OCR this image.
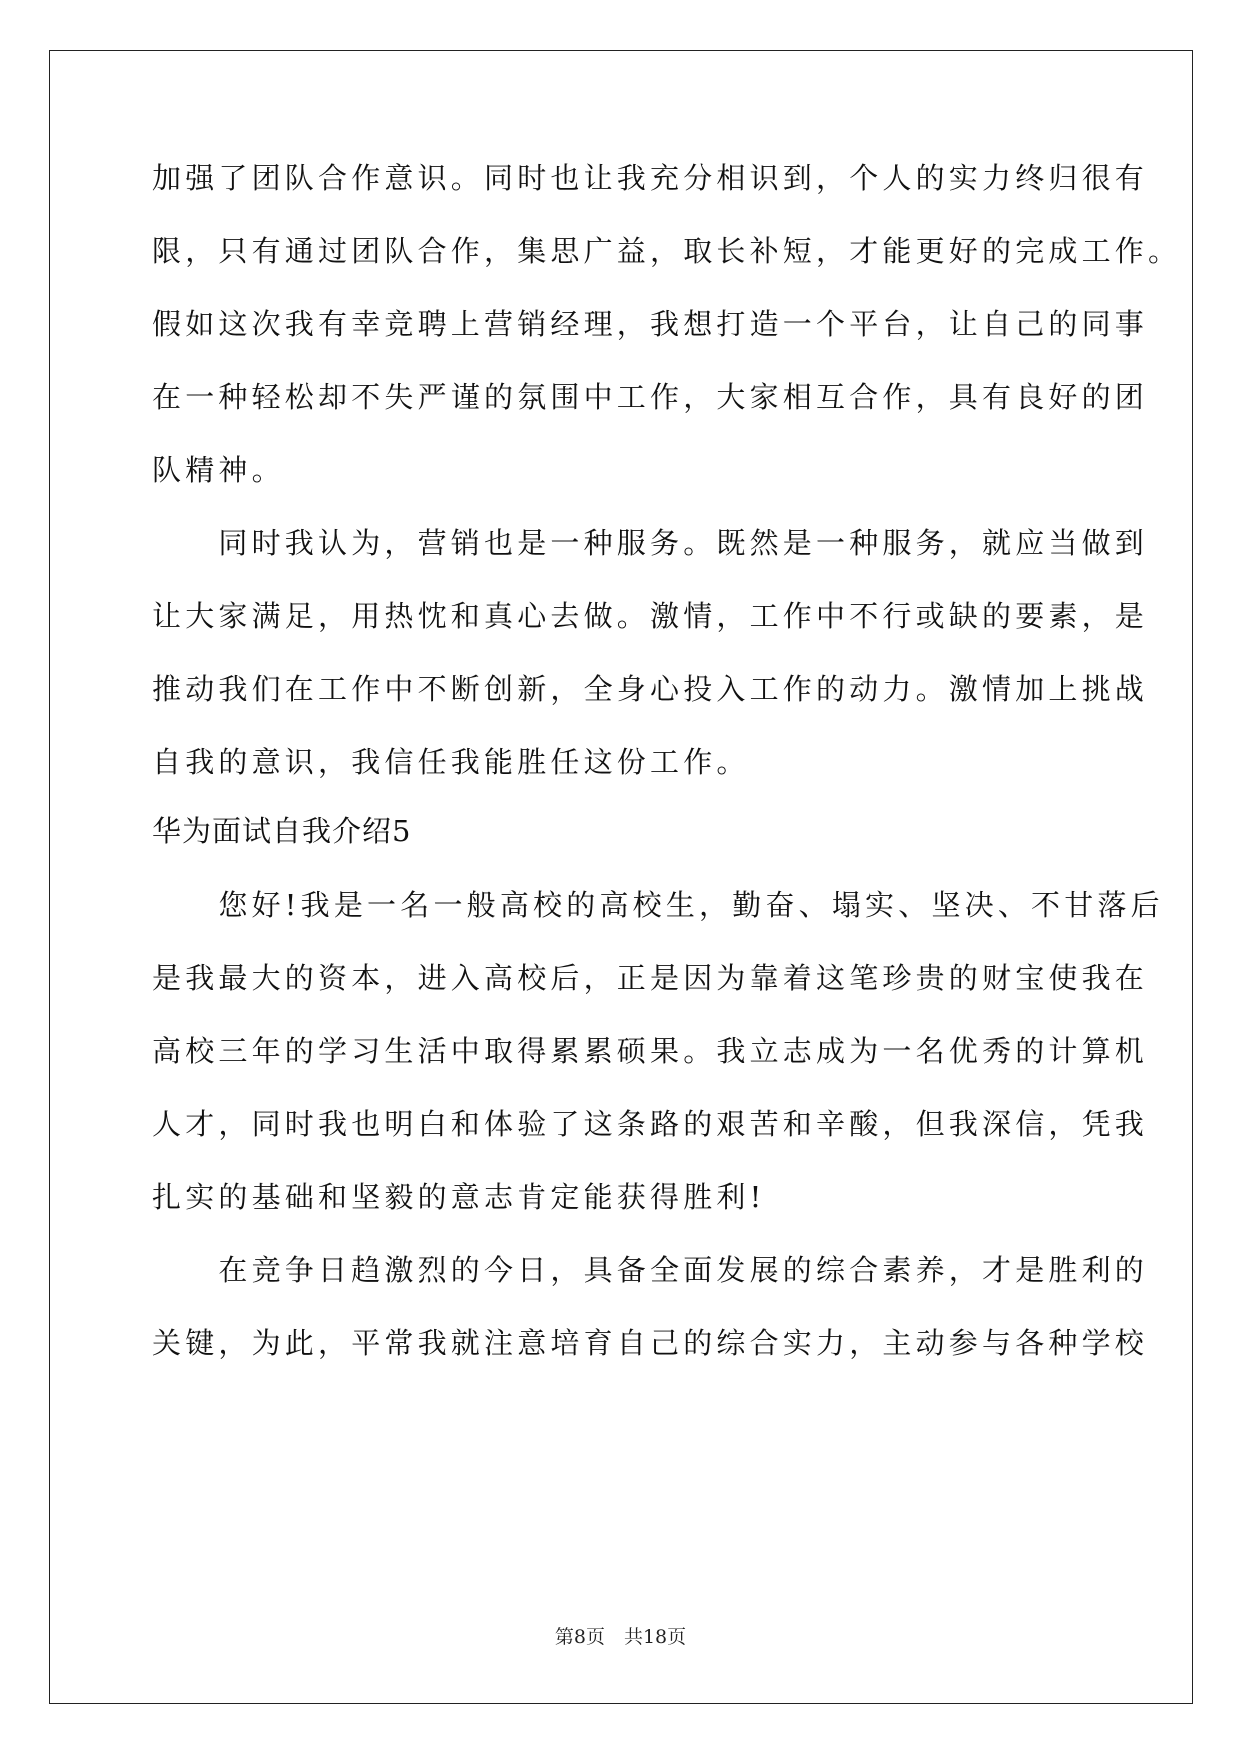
加强了团队合作意识。同时也让我充分相识到，个人的实力终归很有
限，只有通过团队合作，集思广益，取长补短，才能更好的完成工作。
假如这次我有幸竞聘上营销经理，我想打造一个平台，让自己的同事
在一种轻松却不失严谨的氛围中工作，大家相互合作，具有良好的团
队精神。
　　同时我认为，营销也是一种服务。既然是一种服务，就应当做到
让大家满足，用热忱和真心去做。激情，工作中不行或缺的要素，是
推动我们在工作中不断创新，全身心投入工作的动力。激情加上挑战
自我的意识，我信任我能胜任这份工作。
华为面试自我介绍5
　　您好!我是一名一般高校的高校生，勤奋、塌实、坚决、不甘落后
是我最大的资本，进入高校后，正是因为靠着这笔珍贵的财宝使我在
高校三年的学习生活中取得累累硕果。我立志成为一名优秀的计算机
人才，同时我也明白和体验了这条路的艰苦和辛酸，但我深信，凭我
扎实的基础和坚毅的意志肯定能获得胜利!
　　在竞争日趋激烈的今日，具备全面发展的综合素养，才是胜利的
关键，为此，平常我就注意培育自己的综合实力，主动参与各种学校
第8页　共18页
